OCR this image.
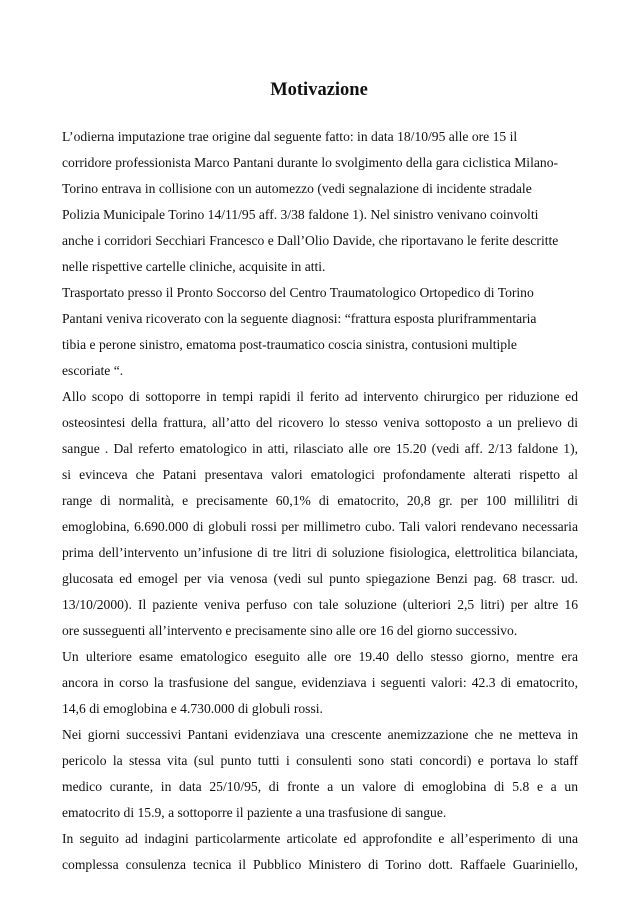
Motivazione
L’odierna imputazione trae origine dal seguente fatto: in data 18/10/95 alle ore 15 il
corridore professionista Marco Pantani durante lo svolgimento della gara ciclistica Milano-
Torino entrava in collisione con un automezzo (vedi segnalazione di incidente stradale
Polizia Municipale Torino 14/11/95 aff. 3/38 faldone 1). Nel sinistro venivano coinvolti
anche i corridori Secchiari Francesco e Dall’Olio Davide, che riportavano le ferite descritte
nelle rispettive cartelle cliniche, acquisite in atti.
Trasportato presso il Pronto Soccorso del Centro Traumatologico Ortopedico di Torino
Pantani veniva ricoverato con la seguente diagnosi: “frattura esposta pluriframmentaria
tibia e perone sinistro, ematoma post-traumatico coscia sinistra, contusioni multiple
escoriate “.
Allo scopo di sottoporre in tempi rapidi il ferito ad intervento chirurgico per riduzione ed
osteosintesi della frattura, all’atto del ricovero lo stesso veniva sottoposto a un prelievo di
sangue . Dal referto ematologico in atti, rilasciato alle ore 15.20 (vedi aff. 2/13 faldone 1),
si evinceva che Patani presentava valori ematologici profondamente alterati rispetto al
range di normalità, e precisamente 60,1% di ematocrito, 20,8 gr. per 100 millilitri di
emoglobina, 6.690.000 di globuli rossi per millimetro cubo. Tali valori rendevano necessaria
prima dell’intervento un’infusione di tre litri di soluzione fisiologica, elettrolitica bilanciata,
glucosata ed emogel per via venosa (vedi sul punto spiegazione Benzi pag. 68 trascr. ud.
13/10/2000). Il paziente veniva perfuso con tale soluzione (ulteriori 2,5 litri) per altre 16
ore susseguenti all’intervento e precisamente sino alle ore 16 del giorno successivo.
Un ulteriore esame ematologico eseguito alle ore 19.40 dello stesso giorno, mentre era
ancora in corso la trasfusione del sangue, evidenziava i seguenti valori: 42.3 di ematocrito,
14,6 di emoglobina e 4.730.000 di globuli rossi.
Nei giorni successivi Pantani evidenziava una crescente anemizzazione che ne metteva in
pericolo la stessa vita (sul punto tutti i consulenti sono stati concordi) e portava lo staff
medico curante, in data 25/10/95, di fronte a un valore di emoglobina di 5.8 e a un
ematocrito di 15.9, a sottoporre il paziente a una trasfusione di sangue.
In seguito ad indagini particolarmente articolate ed approfondite e all’esperimento di una
complessa consulenza tecnica il Pubblico Ministero di Torino dott. Raffaele Guariniello,
